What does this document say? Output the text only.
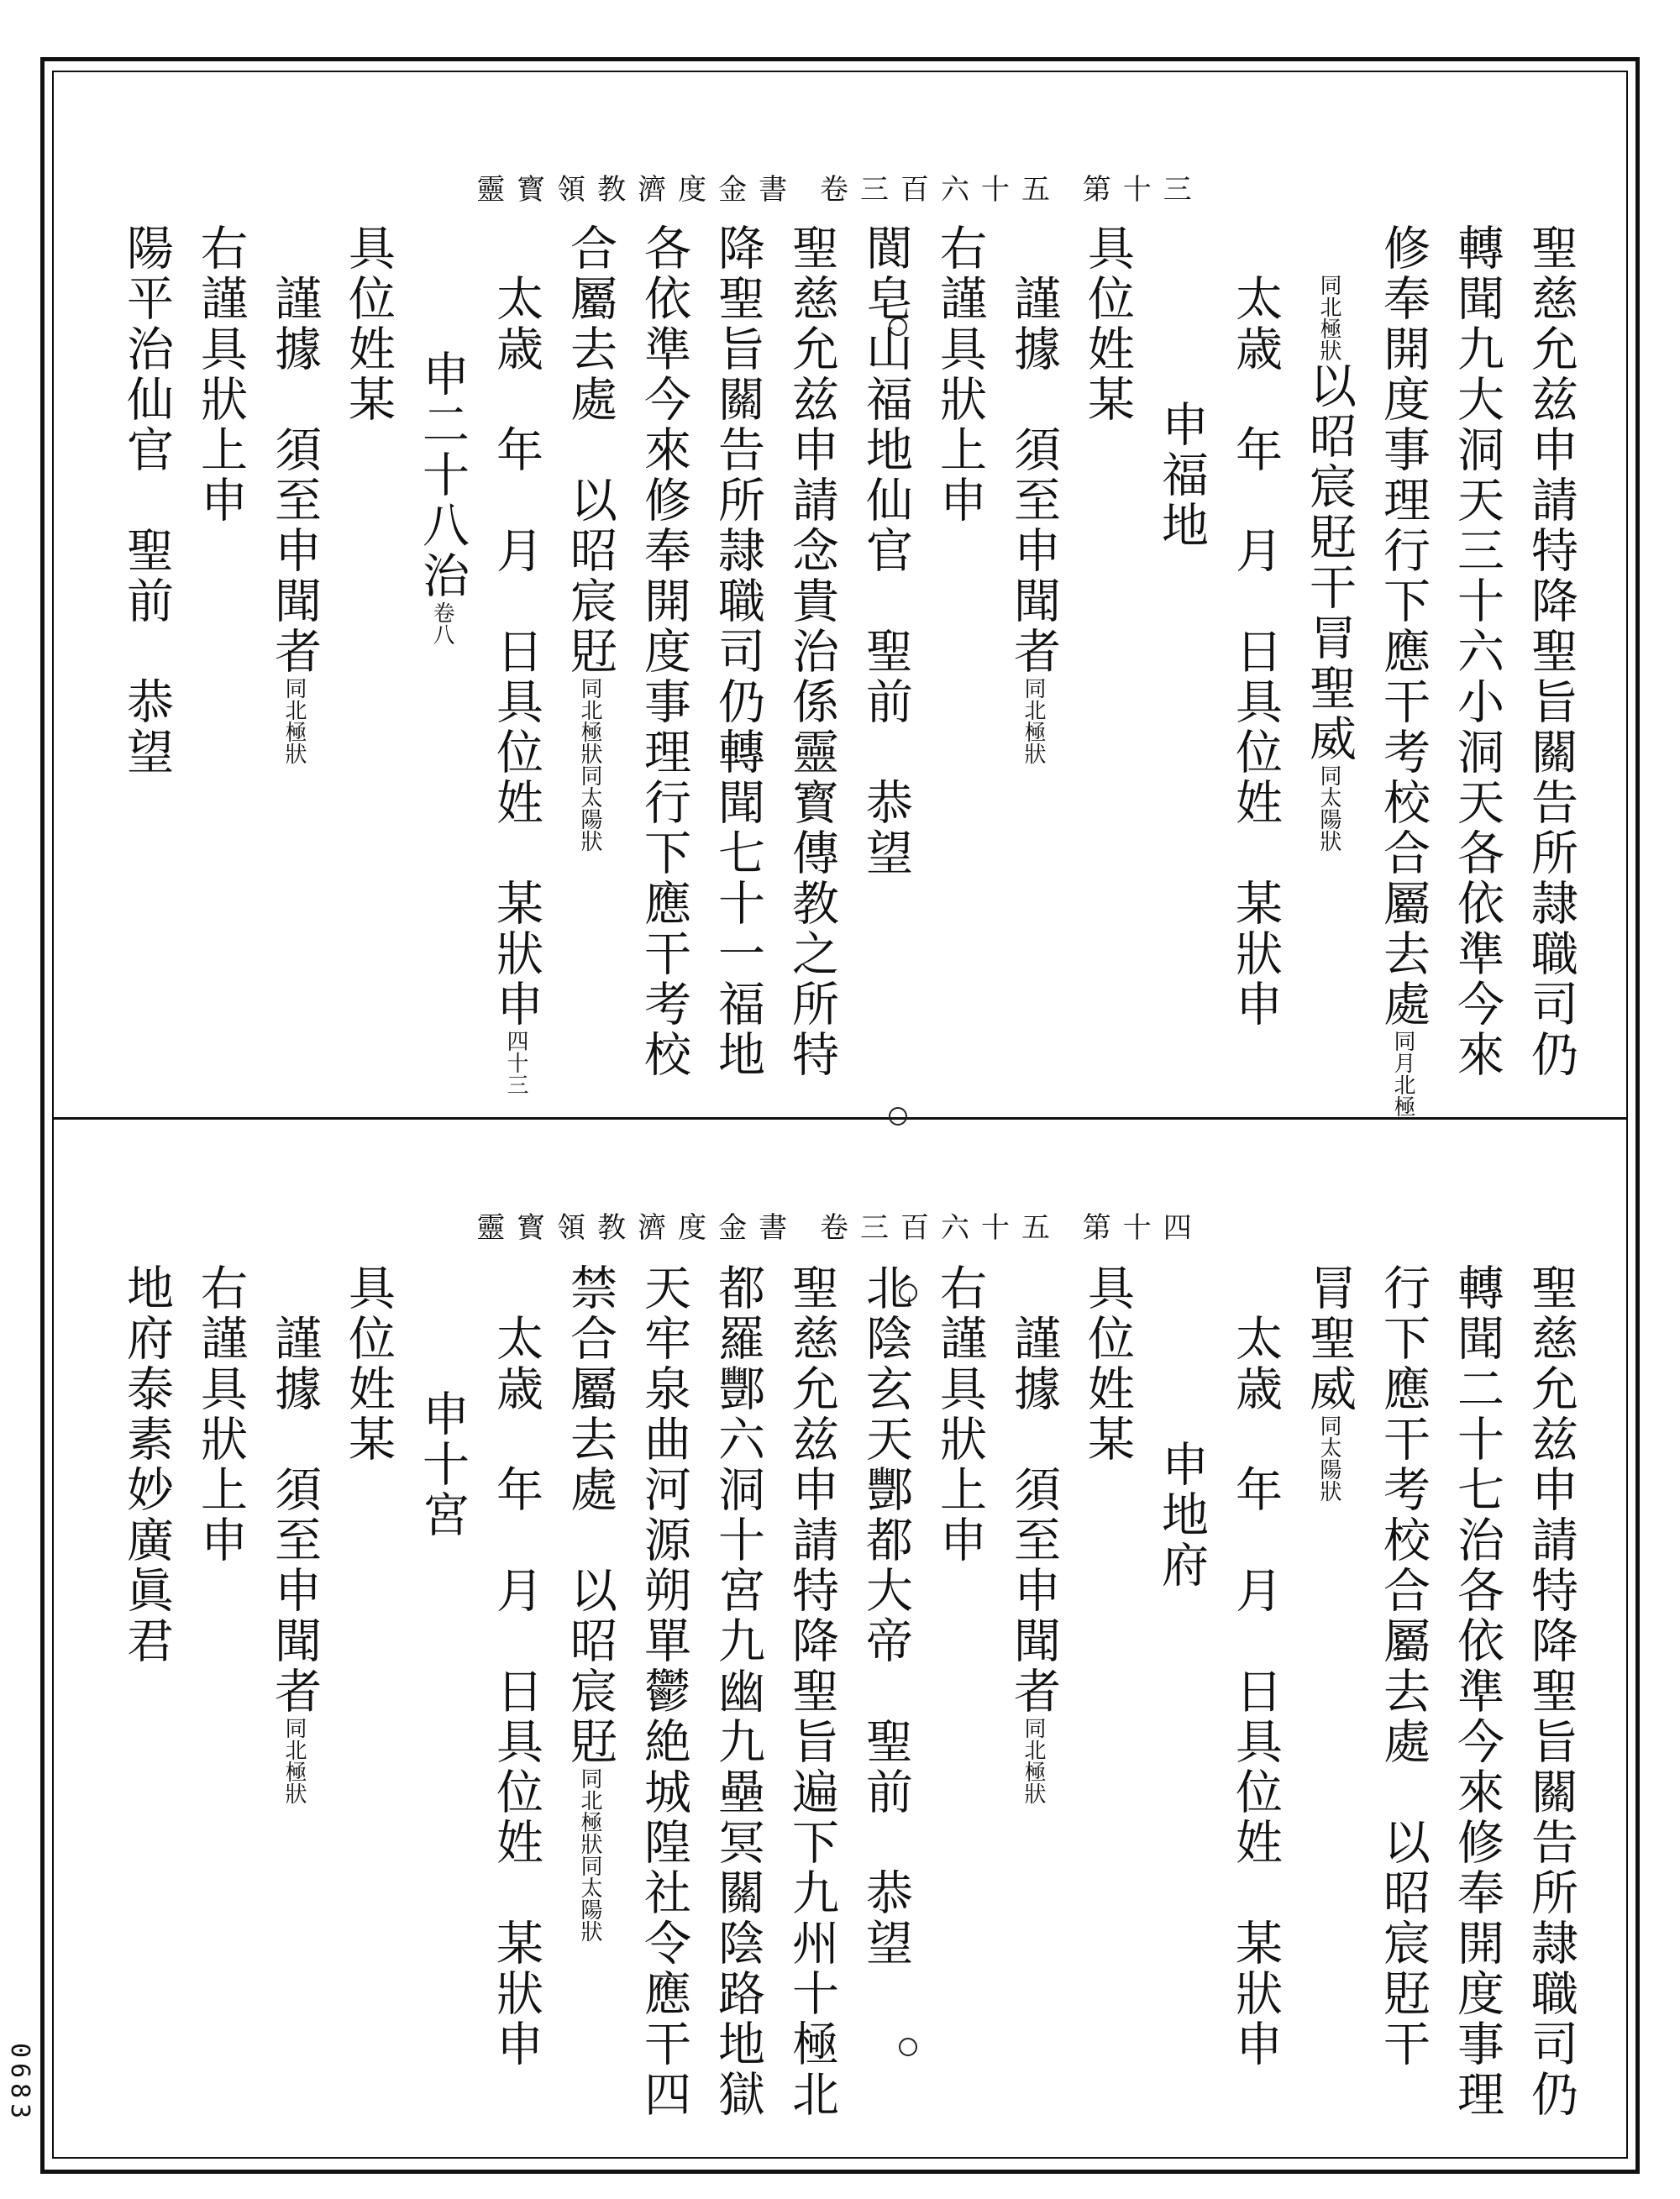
靈寳領教濟度金書 卷三百六十五 第十三
聖慈允兹申請特降聖旨關告所隷職司仍
轉聞九大洞天三十六小洞天各依準今來
修奉開度事理行下應干考校合屬去處同月北極
同北極狀以昭宸覎干冐聖威同太陽狀
太歳　年　月　日具位姓　某狀申
申福地
具位姓某
謹據　須至申聞者同北極狀
右謹具狀上申
閬皂山福地仙官　聖前　恭望
聖慈允兹申請念貴治係靈寳傳教之所特
降聖旨關告所隷職司仍轉聞七十一福地
各依準今來修奉開度事理行下應干考校
合屬去處　以昭宸覎同北極狀同太陽狀
太歳　年　月　日具位姓　某狀申四十三
申二十八治卷八
具位姓某
謹據　須至申聞者同北極狀
右謹具狀上申
陽平治仙官　聖前　恭望
靈寳領教濟度金書 卷三百六十五 第十四
聖慈允兹申請特降聖旨關告所隷職司仍
轉聞二十七治各依準今來修奉開度事理
行下應干考校合屬去處　以昭宸覎干
冐聖威同太陽狀
太歳　年　月　日具位姓　某狀申
申地府
具位姓某
謹據　須至申聞者同北極狀
右謹具狀上申
北陰玄天酆都大帝　聖前　恭望
聖慈允兹申請特降聖旨遍下九州十極北
都羅酆六洞十宮九幽九壘冥關陰路地獄
天牢泉曲河源朔單鬱絶城隍社令應干四
禁合屬去處　以昭宸覎同北極狀同太陽狀
太歳　年　月　日具位姓　某狀申
申十宮
具位姓某
謹據　須至申聞者同北極狀
右謹具狀上申
地府泰素妙廣眞君
0683
